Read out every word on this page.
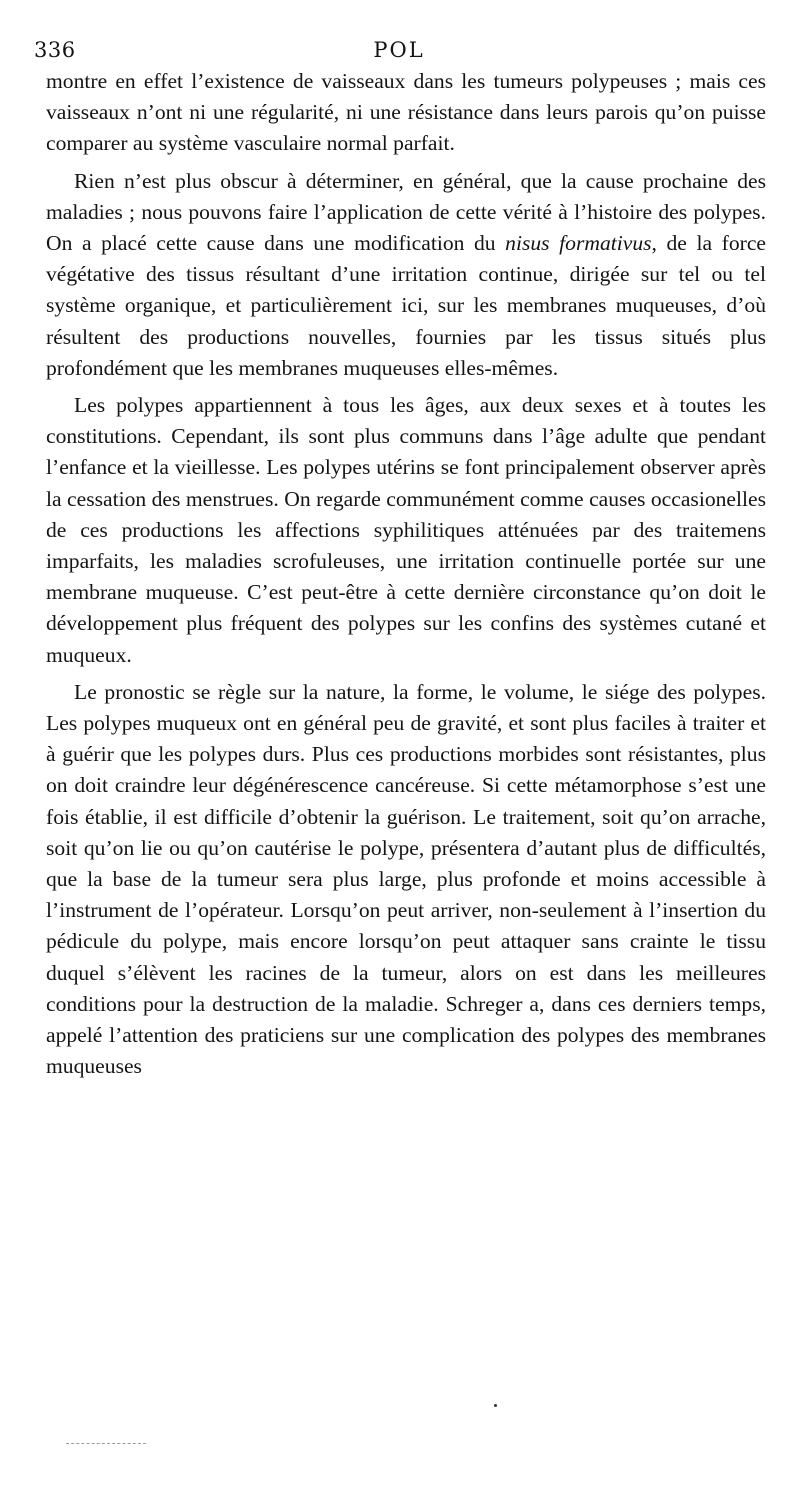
336	POL

montre en effet l’existence de vaisseaux dans les tumeurs polypeuses ; mais ces vaisseaux n’ont ni une régularité, ni une résistance dans leurs parois qu’on puisse comparer au système vasculaire normal parfait.

Rien n’est plus obscur à déterminer, en général, que la cause prochaine des maladies ; nous pouvons faire l’application de cette vérité à l’histoire des polypes. On a placé cette cause dans une modification du nisus formativus, de la force végétative des tissus résultant d’une irritation continue, dirigée sur tel ou tel système organique, et particulièrement ici, sur les membranes muqueuses, d’où résultent des productions nouvelles, fournies par les tissus situés plus profondément que les membranes muqueuses elles-mêmes.

Les polypes appartiennent à tous les âges, aux deux sexes et à toutes les constitutions. Cependant, ils sont plus communs dans l’âge adulte que pendant l’enfance et la vieillesse. Les polypes utérins se font principalement observer après la cessation des menstrues. On regarde communément comme causes occasionelles de ces productions les affections syphilitiques atténuées par des traitemens imparfaits, les maladies scrofuleuses, une irritation continuelle portée sur une membrane muqueuse. C’est peut-être à cette dernière circonstance qu’on doit le développement plus fréquent des polypes sur les confins des systèmes cutané et muqueux.

Le pronostic se règle sur la nature, la forme, le volume, le siége des polypes. Les polypes muqueux ont en général peu de gravité, et sont plus faciles à traiter et à guérir que les polypes durs. Plus ces productions morbides sont résistantes, plus on doit craindre leur dégénérescence cancéreuse. Si cette métamorphose s’est une fois établie, il est difficile d’obtenir la guérison. Le traitement, soit qu’on arrache, soit qu’on lie ou qu’on cautérise le polype, présentera d’autant plus de difficultés, que la base de la tumeur sera plus large, plus profonde et moins accessible à l’instrument de l’opérateur. Lorsqu’on peut arriver, non-seulement à l’insertion du pédicule du polype, mais encore lorsqu’on peut attaquer sans crainte le tissu duquel s’élèvent les racines de la tumeur, alors on est dans les meilleures conditions pour la destruction de la maladie. Schreger a, dans ces derniers temps, appelé l’attention des praticiens sur une complication des polypes des membranes muqueuses
